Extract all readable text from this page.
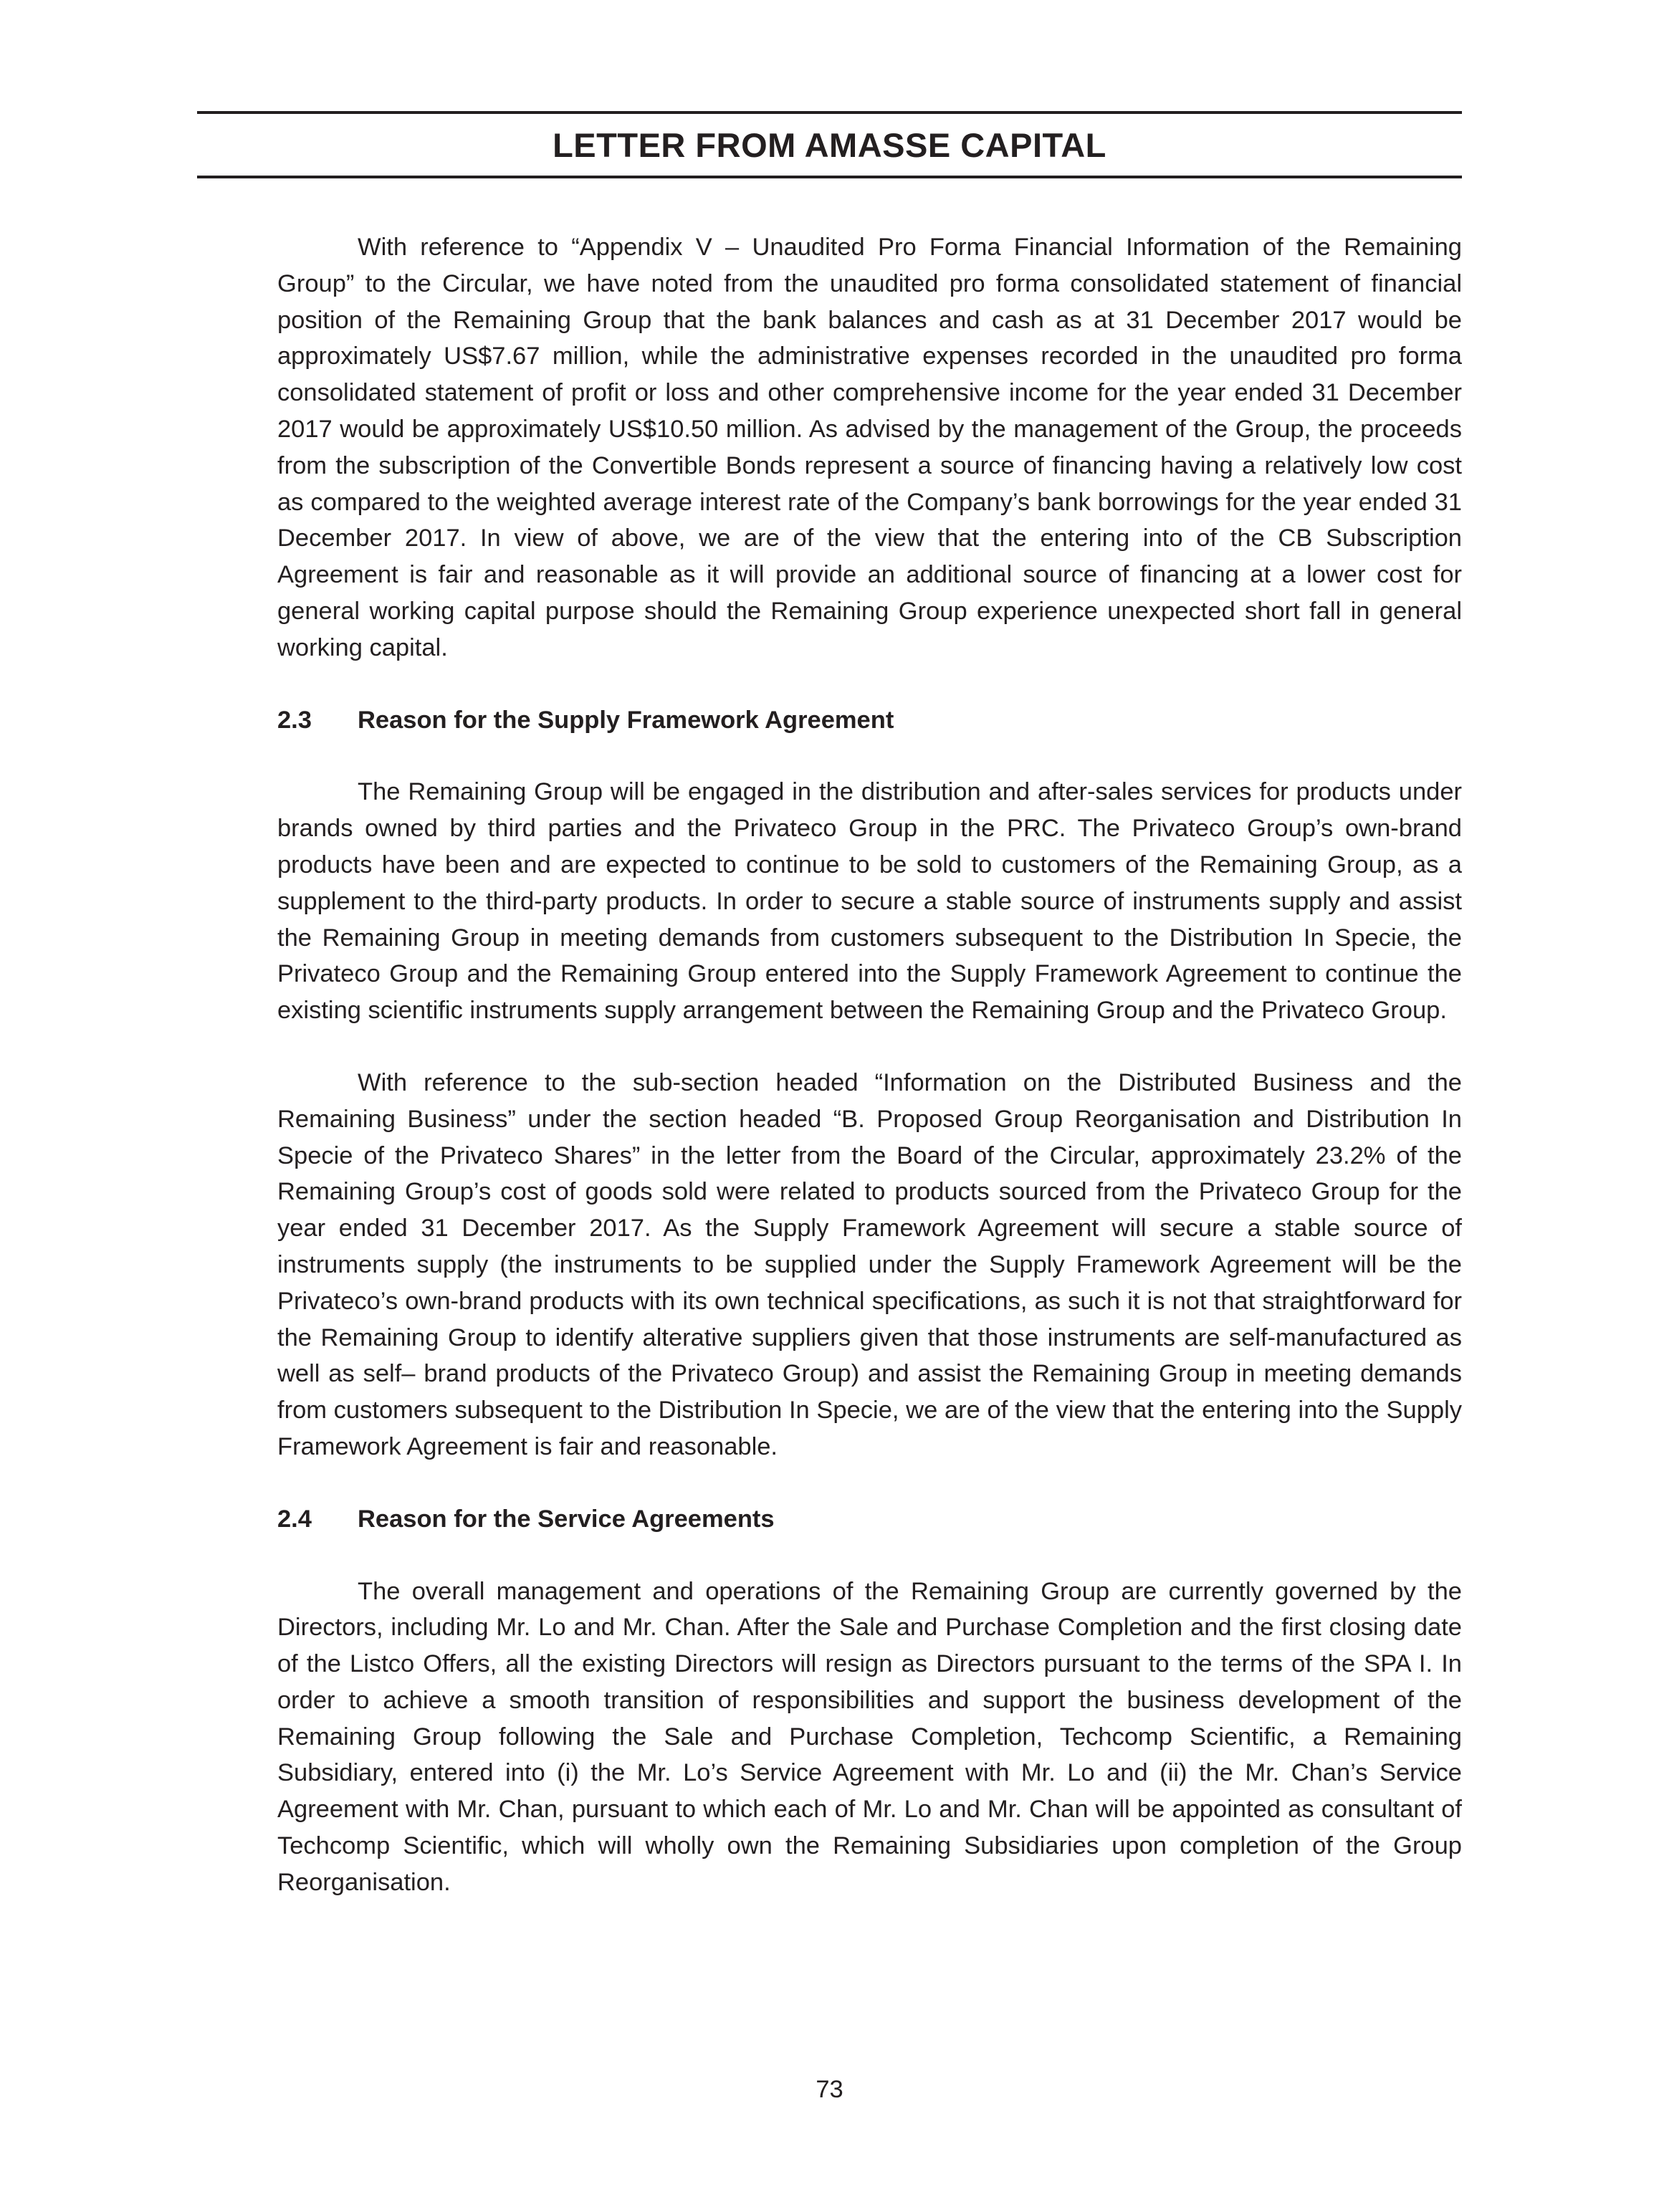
LETTER FROM AMASSE CAPITAL

With reference to “Appendix V – Unaudited Pro Forma Financial Information of the Remaining Group” to the Circular, we have noted from the unaudited pro forma consolidated statement of financial position of the Remaining Group that the bank balances and cash as at 31 December 2017 would be approximately US$7.67 million, while the administrative expenses recorded in the unaudited pro forma consolidated statement of profit or loss and other comprehensive income for the year ended 31 December 2017 would be approximately US$10.50 million. As advised by the management of the Group, the proceeds from the subscription of the Convertible Bonds represent a source of financing having a relatively low cost as compared to the weighted average interest rate of the Company’s bank borrowings for the year ended 31 December 2017. In view of above, we are of the view that the entering into of the CB Subscription Agreement is fair and reasonable as it will provide an additional source of financing at a lower cost for general working capital purpose should the Remaining Group experience unexpected short fall in general working capital.

2.3	Reason for the Supply Framework Agreement

The Remaining Group will be engaged in the distribution and after-sales services for products under brands owned by third parties and the Privateco Group in the PRC. The Privateco Group’s own-brand products have been and are expected to continue to be sold to customers of the Remaining Group, as a supplement to the third-party products. In order to secure a stable source of instruments supply and assist the Remaining Group in meeting demands from customers subsequent to the Distribution In Specie, the Privateco Group and the Remaining Group entered into the Supply Framework Agreement to continue the existing scientific instruments supply arrangement between the Remaining Group and the Privateco Group.

With reference to the sub-section headed “Information on the Distributed Business and the Remaining Business” under the section headed “B. Proposed Group Reorganisation and Distribution In Specie of the Privateco Shares” in the letter from the Board of the Circular, approximately 23.2% of the Remaining Group’s cost of goods sold were related to products sourced from the Privateco Group for the year ended 31 December 2017. As the Supply Framework Agreement will secure a stable source of instruments supply (the instruments to be supplied under the Supply Framework Agreement will be the Privateco’s own-brand products with its own technical specifications, as such it is not that straightforward for the Remaining Group to identify alterative suppliers given that those instruments are self-manufactured as well as self– brand products of the Privateco Group) and assist the Remaining Group in meeting demands from customers subsequent to the Distribution In Specie, we are of the view that the entering into the Supply Framework Agreement is fair and reasonable.

2.4	Reason for the Service Agreements

The overall management and operations of the Remaining Group are currently governed by the Directors, including Mr. Lo and Mr. Chan. After the Sale and Purchase Completion and the first closing date of the Listco Offers, all the existing Directors will resign as Directors pursuant to the terms of the SPA I. In order to achieve a smooth transition of responsibilities and support the business development of the Remaining Group following the Sale and Purchase Completion, Techcomp Scientific, a Remaining Subsidiary, entered into (i) the Mr. Lo’s Service Agreement with Mr. Lo and (ii) the Mr. Chan’s Service Agreement with Mr. Chan, pursuant to which each of Mr. Lo and Mr. Chan will be appointed as consultant of Techcomp Scientific, which will wholly own the Remaining Subsidiaries upon completion of the Group Reorganisation.

73
